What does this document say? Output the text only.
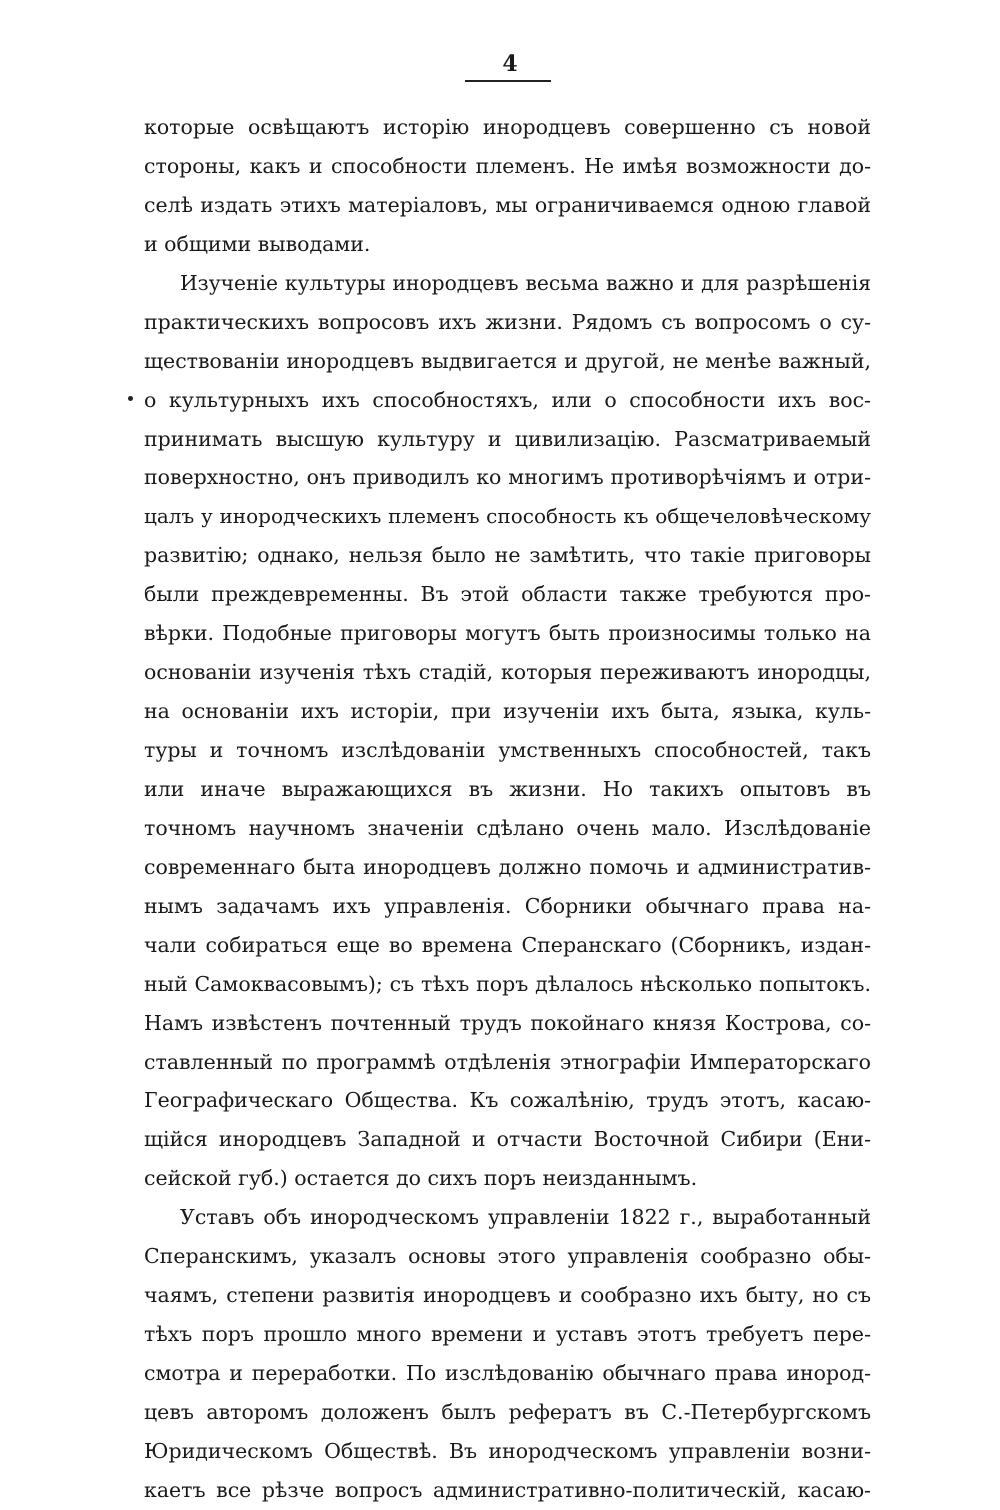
4
которые освѣщаютъ исторію инородцевъ совершенно съ новой
стороны, какъ и способности племенъ. Не имѣя возможности до-
селѣ издать этихъ матеріаловъ, мы ограничиваемся одною главой
и общими выводами.
Изученіе культуры инородцевъ весьма важно и для разрѣшенія
практическихъ вопросовъ ихъ жизни. Рядомъ съ вопросомъ о су-
ществованіи инородцевъ выдвигается и другой, не менѣе важный,
о культурныхъ ихъ способностяхъ, или о способности ихъ вос-
принимать высшую культуру и цивилизацію. Разсматриваемый
поверхностно, онъ приводилъ ко многимъ противорѣчіямъ и отри-
цалъ у инородческихъ племенъ способность къ общечеловѣческому
развитію; однако, нельзя было не замѣтить, что такіе приговоры
были преждевременны. Въ этой области также требуются про-
вѣрки. Подобные приговоры могутъ быть произносимы только на
основаніи изученія тѣхъ стадій, которыя переживаютъ инородцы,
на основаніи ихъ исторіи, при изученіи ихъ быта, языка, куль-
туры и точномъ изслѣдованіи умственныхъ способностей, такъ
или иначе выражающихся въ жизни. Но такихъ опытовъ въ
точномъ научномъ значеніи сдѣлано очень мало. Изслѣдованіе
современнаго быта инородцевъ должно помочь и административ-
нымъ задачамъ ихъ управленія. Сборники обычнаго права на-
чали собираться еще во времена Сперанскаго (Сборникъ, издан-
ный Самоквасовымъ); съ тѣхъ поръ дѣлалось нѣсколько попытокъ.
Намъ извѣстенъ почтенный трудъ покойнаго князя Кострова, со-
ставленный по программѣ отдѣленія этнографіи Императорскаго
Географическаго Общества. Къ сожалѣнію, трудъ этотъ, касаю-
щійся инородцевъ Западной и отчасти Восточной Сибири (Ени-
сейской губ.) остается до сихъ поръ неизданнымъ.
Уставъ объ инородческомъ управленіи 1822 г., выработанный
Сперанскимъ, указалъ основы этого управленія сообразно обы-
чаямъ, степени развитія инородцевъ и сообразно ихъ быту, но съ
тѣхъ поръ прошло много времени и уставъ этотъ требуетъ пере-
смотра и переработки. По изслѣдованію обычнаго права инород-
цевъ авторомъ доложенъ былъ рефератъ въ С.-Петербургскомъ
Юридическомъ Обществѣ. Въ инородческомъ управленіи возни-
каетъ все рѣзче вопросъ административно-политическій, касаю-
